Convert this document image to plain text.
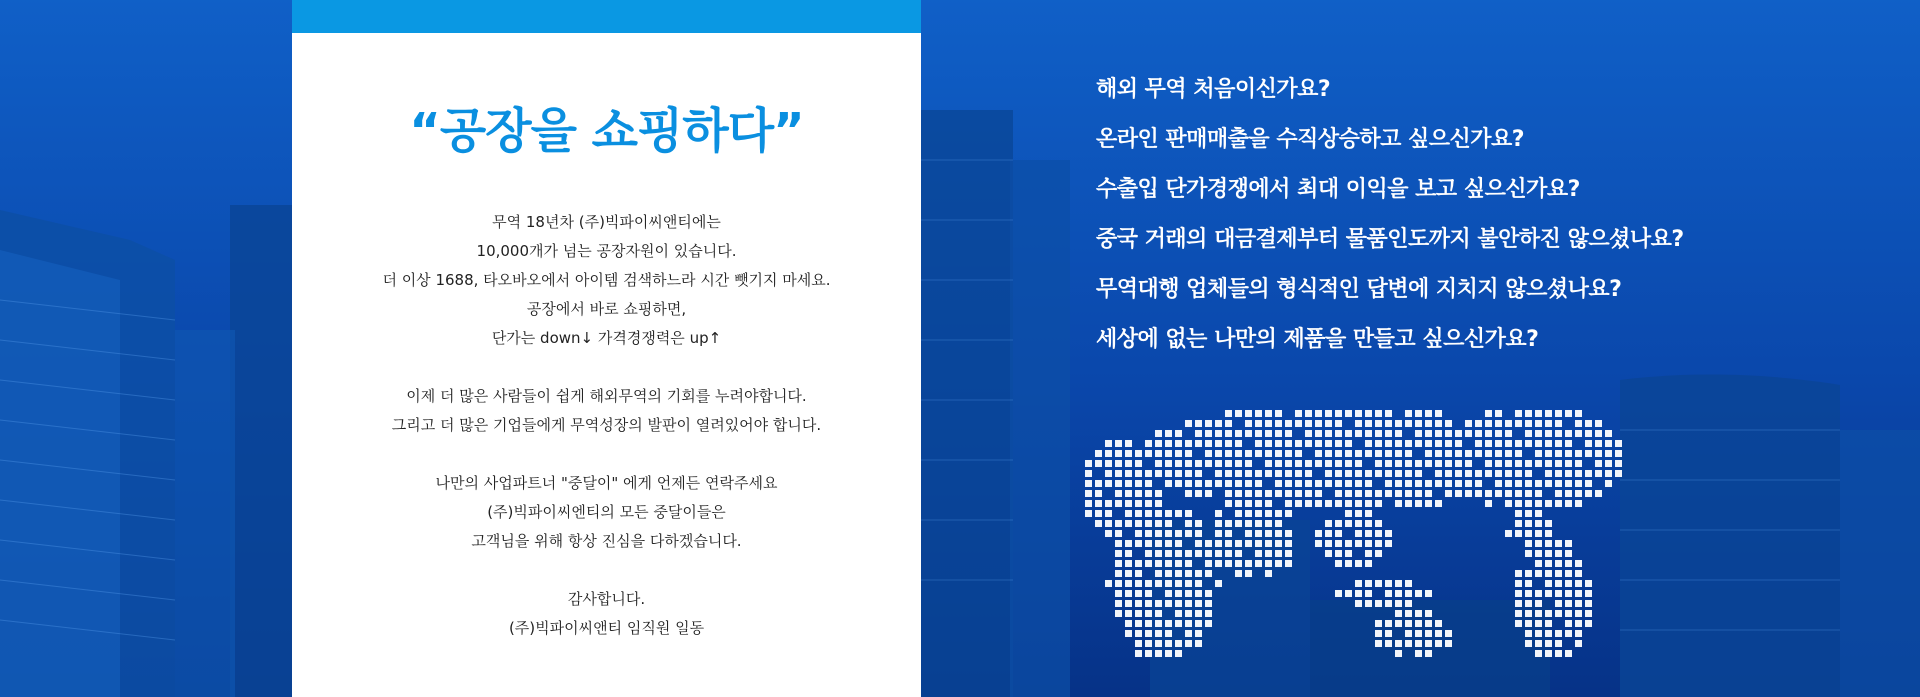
“공장을 쇼핑하다”
무역 18년차 (주)빅파이씨앤티에는
10,000개가 넘는 공장자원이 있습니다.
더 이상 1688, 타오바오에서 아이템 검색하느라 시간 뺏기지 마세요.
공장에서 바로 쇼핑하면,
단가는 down↓ 가격경쟁력은 up↑
이제 더 많은 사람들이 쉽게 해외무역의 기회를 누려야합니다.
그리고 더 많은 기업들에게 무역성장의 발판이 열려있어야 합니다.
나만의 사업파트너 "중달이" 에게 언제든 연락주세요
(주)빅파이씨엔티의 모든 중달이들은
고객님을 위해 항상 진심을 다하겠습니다.
감사합니다.
(주)빅파이씨앤티 임직원 일동
해외 무역 처음이신가요?
온라인 판매매출을 수직상승하고 싶으신가요?
수출입 단가경쟁에서 최대 이익을 보고 싶으신가요?
중국 거래의 대금결제부터 물품인도까지 불안하진 않으셨나요?
무역대행 업체들의 형식적인 답변에 지치지 않으셨나요?
세상에 없는 나만의 제품을 만들고 싶으신가요?
